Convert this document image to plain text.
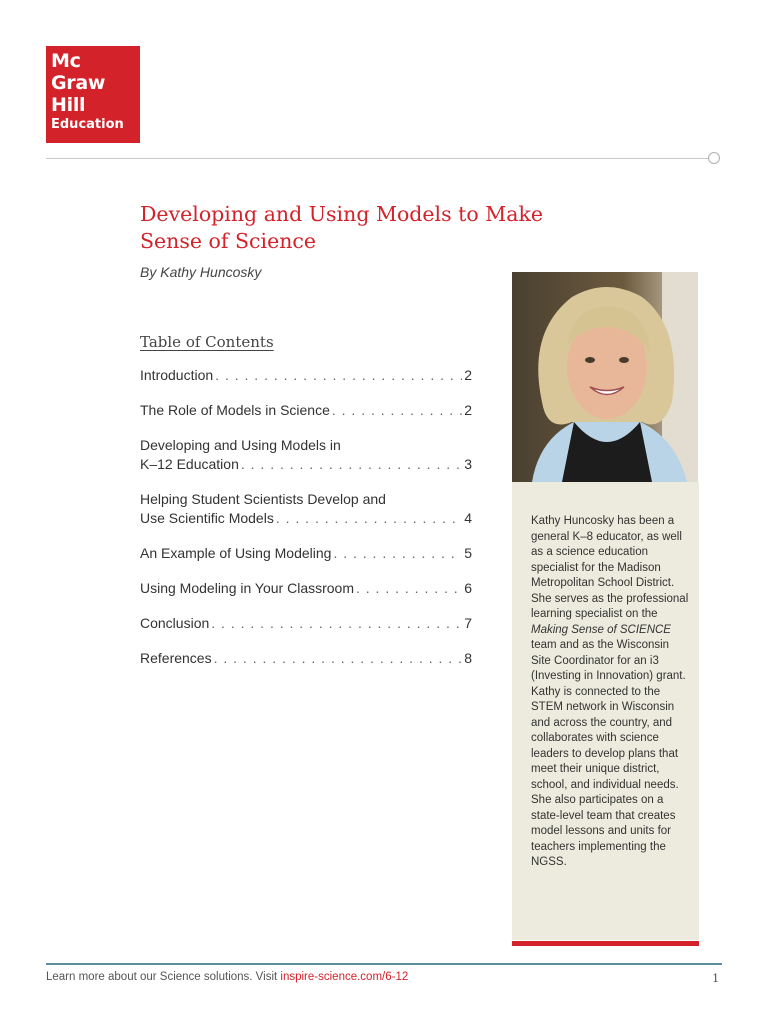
Mc
Graw
Hill
Education
Developing and Using Models to Make Sense of Science
By Kathy Huncosky
Table of Contents
Introduction . . .	2
The Role of Models in Science . . .	2
Developing and Using Models in
K–12 Education . . .	3
Helping Student Scientists Develop and
Use Scientific Models . . .	4
An Example of Using Modeling . . .	5
Using Modeling in Your Classroom . . .	6
Conclusion . . .	7
References . . .	8
Kathy Huncosky has been a general K–8 educator, as well as a science education specialist for the Madison Metropolitan School District. She serves as the professional learning specialist on the Making Sense of SCIENCE team and as the Wisconsin Site Coordinator for an i3 (Investing in Innovation) grant. Kathy is connected to the STEM network in Wisconsin and across the country, and collaborates with science leaders to develop plans that meet their unique district, school, and individual needs. She also participates on a state-level team that creates model lessons and units for teachers implementing the NGSS.
Learn more about our Science solutions. Visit inspire-science.com/6-12	1
